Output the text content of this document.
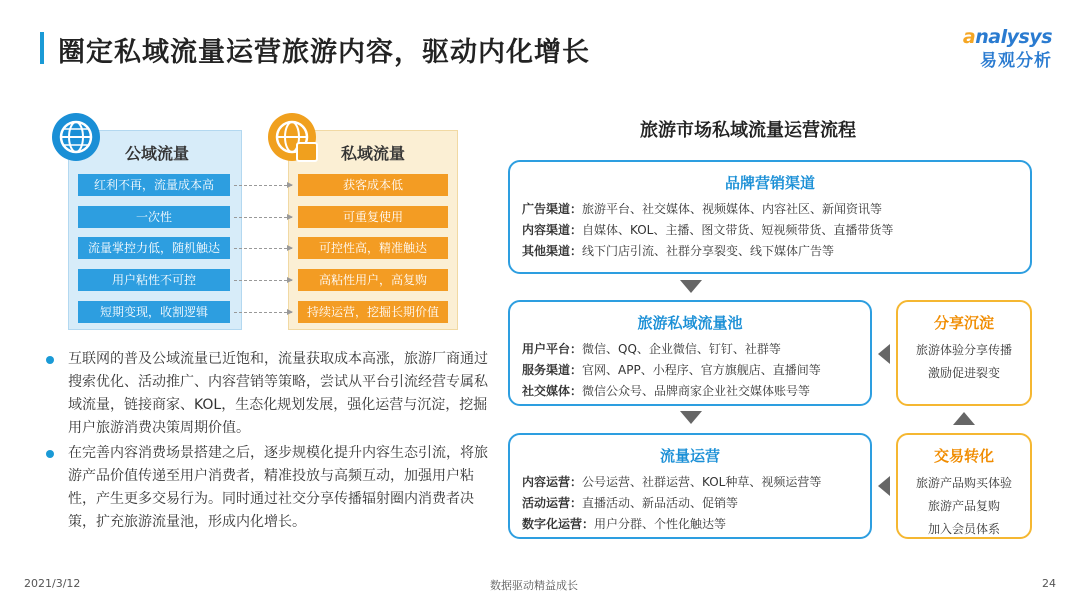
圈定私域流量运营旅游内容，驱动内化增长	analysys
易观分析
公域流量	私域流量
红利不再，流量成本高
一次性
流量掌控力低，随机触达
用户粘性不可控
短期变现，收割逻辑
获客成本低
可重复使用
可控性高，精准触达
高粘性用户，高复购
持续运营，挖掘长期价值
互联网的普及公域流量已近饱和，流量获取成本高涨，旅游厂商通过搜索优化、活动推广、内容营销等策略，尝试从平台引流经营专属私域流量，链接商家、KOL，生态化规划发展，强化运营与沉淀，挖掘用户旅游消费决策周期价值。
在完善内容消费场景搭建之后，逐步规模化提升内容生态引流，将旅游产品价值传递至用户消费者，精准投放与高频互动，加强用户粘性，产生更多交易行为。同时通过社交分享传播辐射圈内消费者决策，扩充旅游流量池，形成内化增长。
旅游市场私域流量运营流程
品牌营销渠道
广告渠道：旅游平台、社交媒体、视频媒体、内容社区、新闻资讯等
内容渠道：自媒体、KOL、主播、图文带货、短视频带货、直播带货等
其他渠道：线下门店引流、社群分享裂变、线下媒体广告等
旅游私域流量池
用户平台：微信、QQ、企业微信、钉钉、社群等
服务渠道：官网、APP、小程序、官方旗舰店、直播间等
社交媒体：微信公众号、品牌商家企业社交媒体账号等
流量运营
内容运营：公号运营、社群运营、KOL种草、视频运营等
活动运营：直播活动、新品活动、促销等
数字化运营：用户分群、个性化触达等
分享沉淀
旅游体验分享传播
激励促进裂变
交易转化
旅游产品购买体验
旅游产品复购
加入会员体系
2021/3/12	数据驱动精益成长	24
